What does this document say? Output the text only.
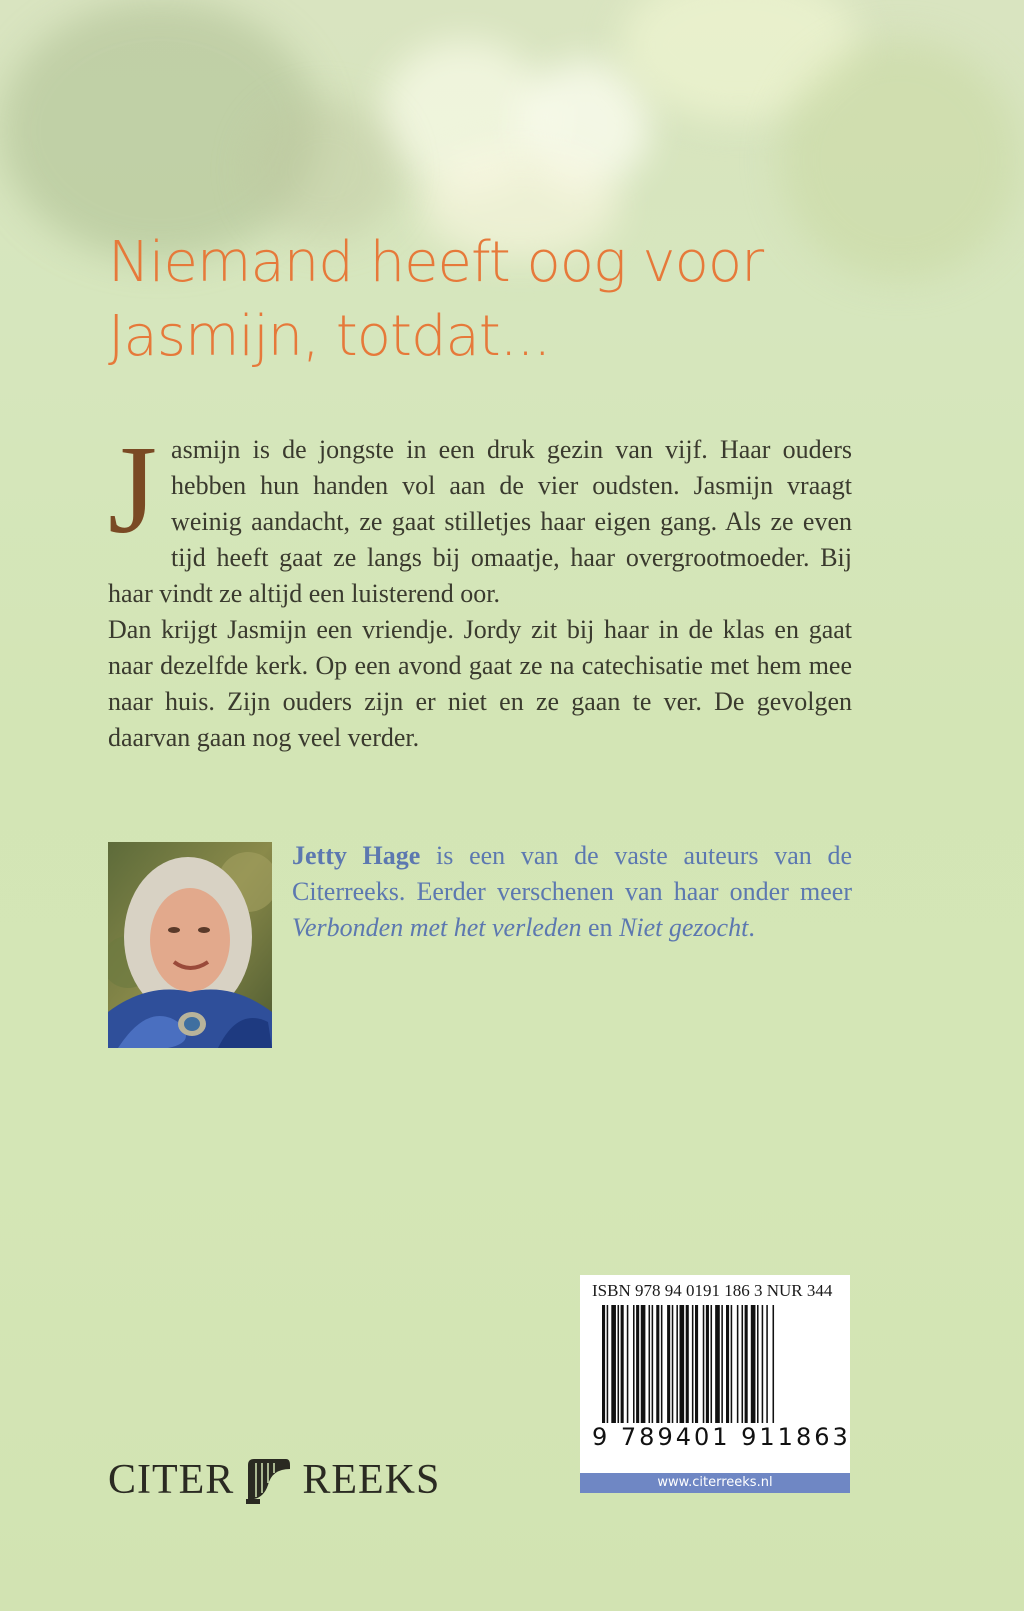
Niemand heeft oog voor
Jasmijn, totdat...
J asmijn is de jongste in een druk gezin van vijf. Haar ouders hebben hun handen vol aan de vier oudsten. Jasmijn vraagt weinig aandacht, ze gaat stilletjes haar eigen gang. Als ze even tijd heeft gaat ze langs bij omaatje, haar overgrootmoeder. Bij haar vindt ze altijd een luisterend oor.

Dan krijgt Jasmijn een vriendje. Jordy zit bij haar in de klas en gaat naar dezelfde kerk. Op een avond gaat ze na catechisatie met hem mee naar huis. Zijn ouders zijn er niet en ze gaan te ver. De gevolgen daarvan gaan nog veel verder.

Jetty Hage is een van de vaste auteurs van de Citerreeks. Eerder verschenen van haar onder meer Verbonden met het verleden en Niet gezocht.

CITER REEKS
ISBN 978 94 0191 186 3 NUR 344
9 789401 911863
www.citerreeks.nl
